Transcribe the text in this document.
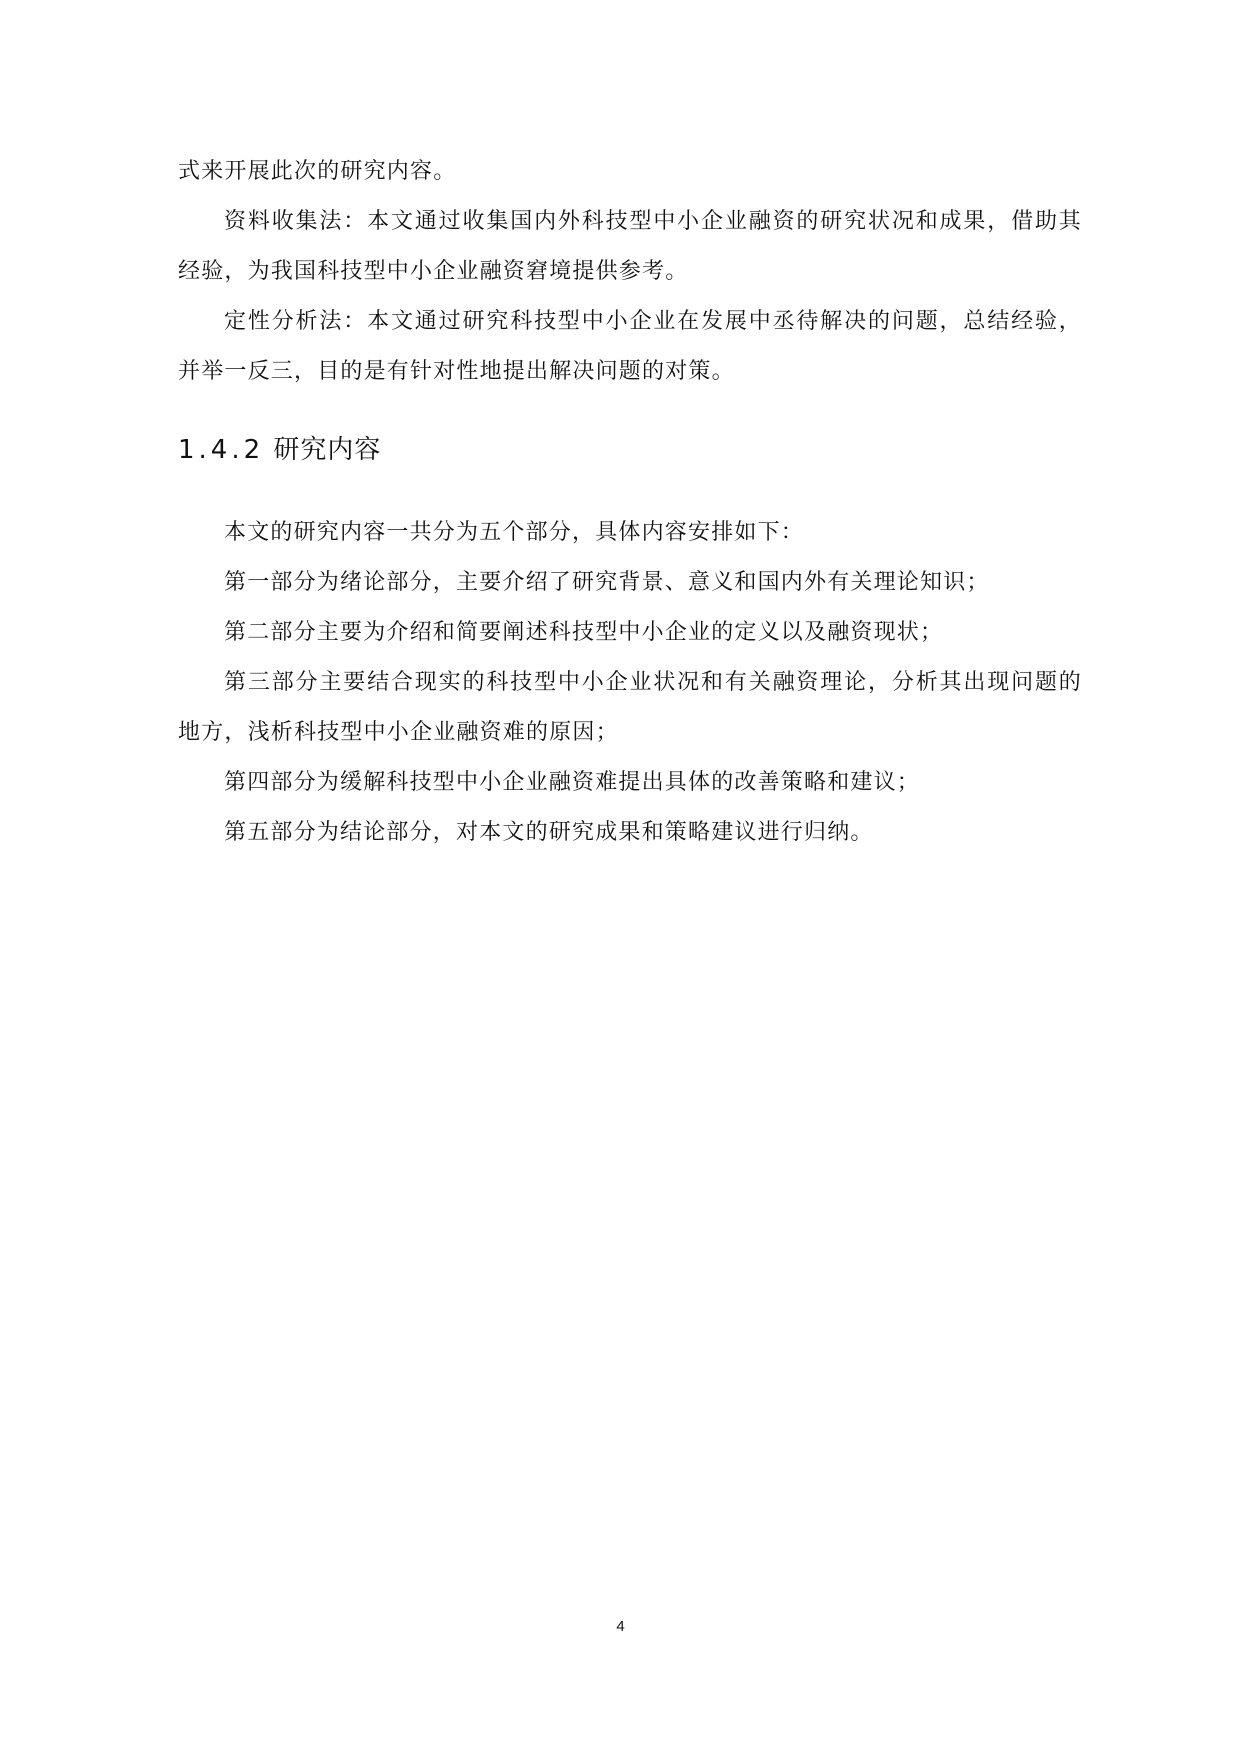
式来开展此次的研究内容。

资料收集法：本文通过收集国内外科技型中小企业融资的研究状况和成果，借助其经验，为我国科技型中小企业融资窘境提供参考。

定性分析法：本文通过研究科技型中小企业在发展中丞待解决的问题，总结经验，并举一反三，目的是有针对性地提出解决问题的对策。

1.4.2 研究内容

本文的研究内容一共分为五个部分，具体内容安排如下：

第一部分为绪论部分，主要介绍了研究背景、意义和国内外有关理论知识；

第二部分主要为介绍和简要阐述科技型中小企业的定义以及融资现状；

第三部分主要结合现实的科技型中小企业状况和有关融资理论，分析其出现问题的地方，浅析科技型中小企业融资难的原因；

第四部分为缓解科技型中小企业融资难提出具体的改善策略和建议；

第五部分为结论部分，对本文的研究成果和策略建议进行归纳。

4
